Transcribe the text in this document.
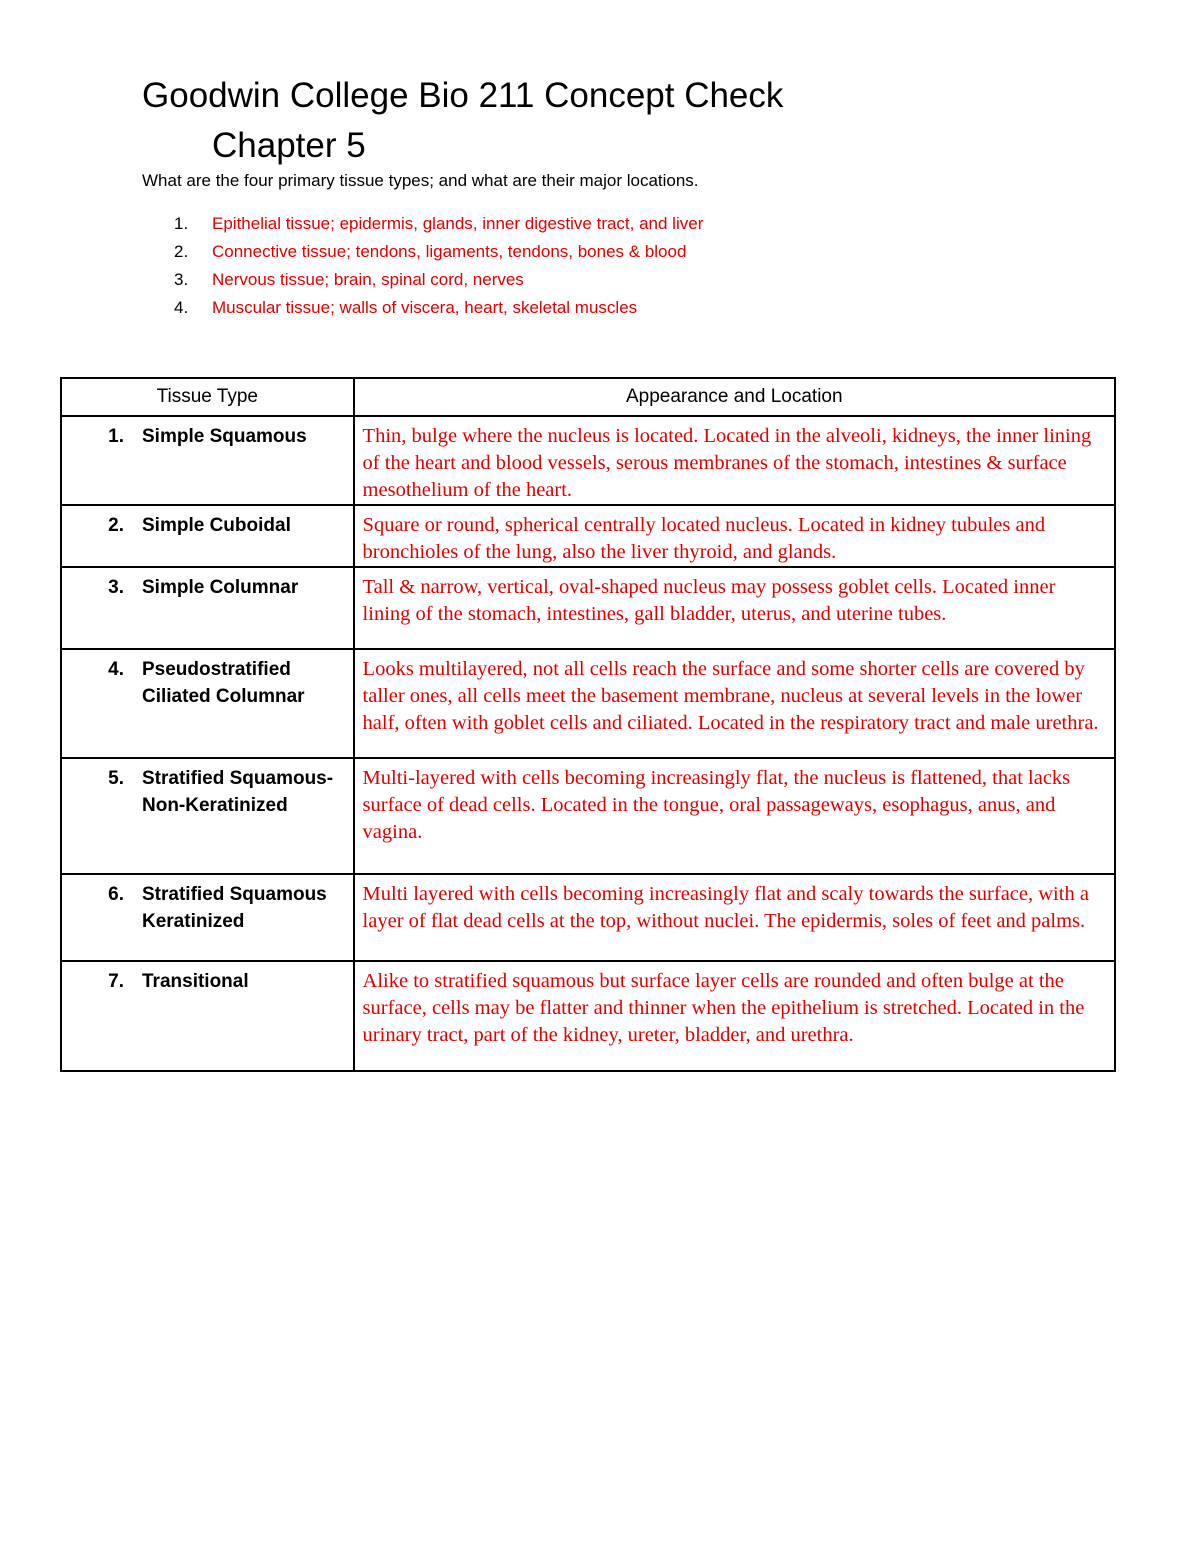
Goodwin College Bio 211 Concept Check
Chapter 5
What are the four primary tissue types; and what are their major locations.
1.	Epithelial tissue; epidermis, glands, inner digestive tract, and liver
2.	Connective tissue; tendons, ligaments, tendons, bones & blood
3.	Nervous tissue; brain, spinal cord, nerves
4.	Muscular tissue; walls of viscera, heart, skeletal muscles
Tissue Type	Appearance and Location

1. Simple Squamous	Thin, bulge where the nucleus is located. Located in the alveoli, kidneys, the inner lining of the heart and blood vessels, serous membranes of the stomach, intestines & surface mesothelium of the heart.

2. Simple Cuboidal	Square or round, spherical centrally located nucleus. Located in kidney tubules and bronchioles of the lung, also the liver thyroid, and glands.

3. Simple Columnar	Tall & narrow, vertical, oval-shaped nucleus may possess goblet cells. Located inner lining of the stomach, intestines, gall bladder, uterus, and uterine tubes.

4. Pseudostratified Ciliated Columnar	Looks multilayered, not all cells reach the surface and some shorter cells are covered by taller ones, all cells meet the basement membrane, nucleus at several levels in the lower half, often with goblet cells and ciliated. Located in the respiratory tract and male urethra.

5. Stratified Squamous-Non-Keratinized	Multi-layered with cells becoming increasingly flat, the nucleus is flattened, that lacks surface of dead cells. Located in the tongue, oral passageways, esophagus, anus, and vagina.

6. Stratified Squamous Keratinized	Multi layered with cells becoming increasingly flat and scaly towards the surface, with a layer of flat dead cells at the top, without nuclei. The epidermis, soles of feet and palms.

7. Transitional	Alike to stratified squamous but surface layer cells are rounded and often bulge at the surface, cells may be flatter and thinner when the epithelium is stretched. Located in the urinary tract, part of the kidney, ureter, bladder, and urethra.
